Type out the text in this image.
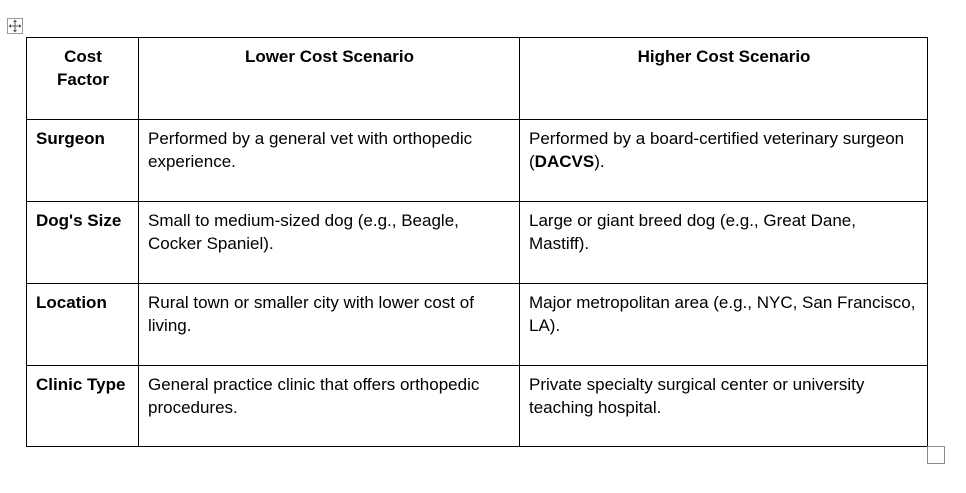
Cost Factor	Lower Cost Scenario	Higher Cost Scenario
Surgeon	Performed by a general vet with orthopedic experience.	Performed by a board-certified veterinary surgeon (DACVS).
Dog's Size	Small to medium-sized dog (e.g., Beagle, Cocker Spaniel).	Large or giant breed dog (e.g., Great Dane, Mastiff).
Location	Rural town or smaller city with lower cost of living.	Major metropolitan area (e.g., NYC, San Francisco, LA).
Clinic Type	General practice clinic that offers orthopedic procedures.	Private specialty surgical center or university teaching hospital.
